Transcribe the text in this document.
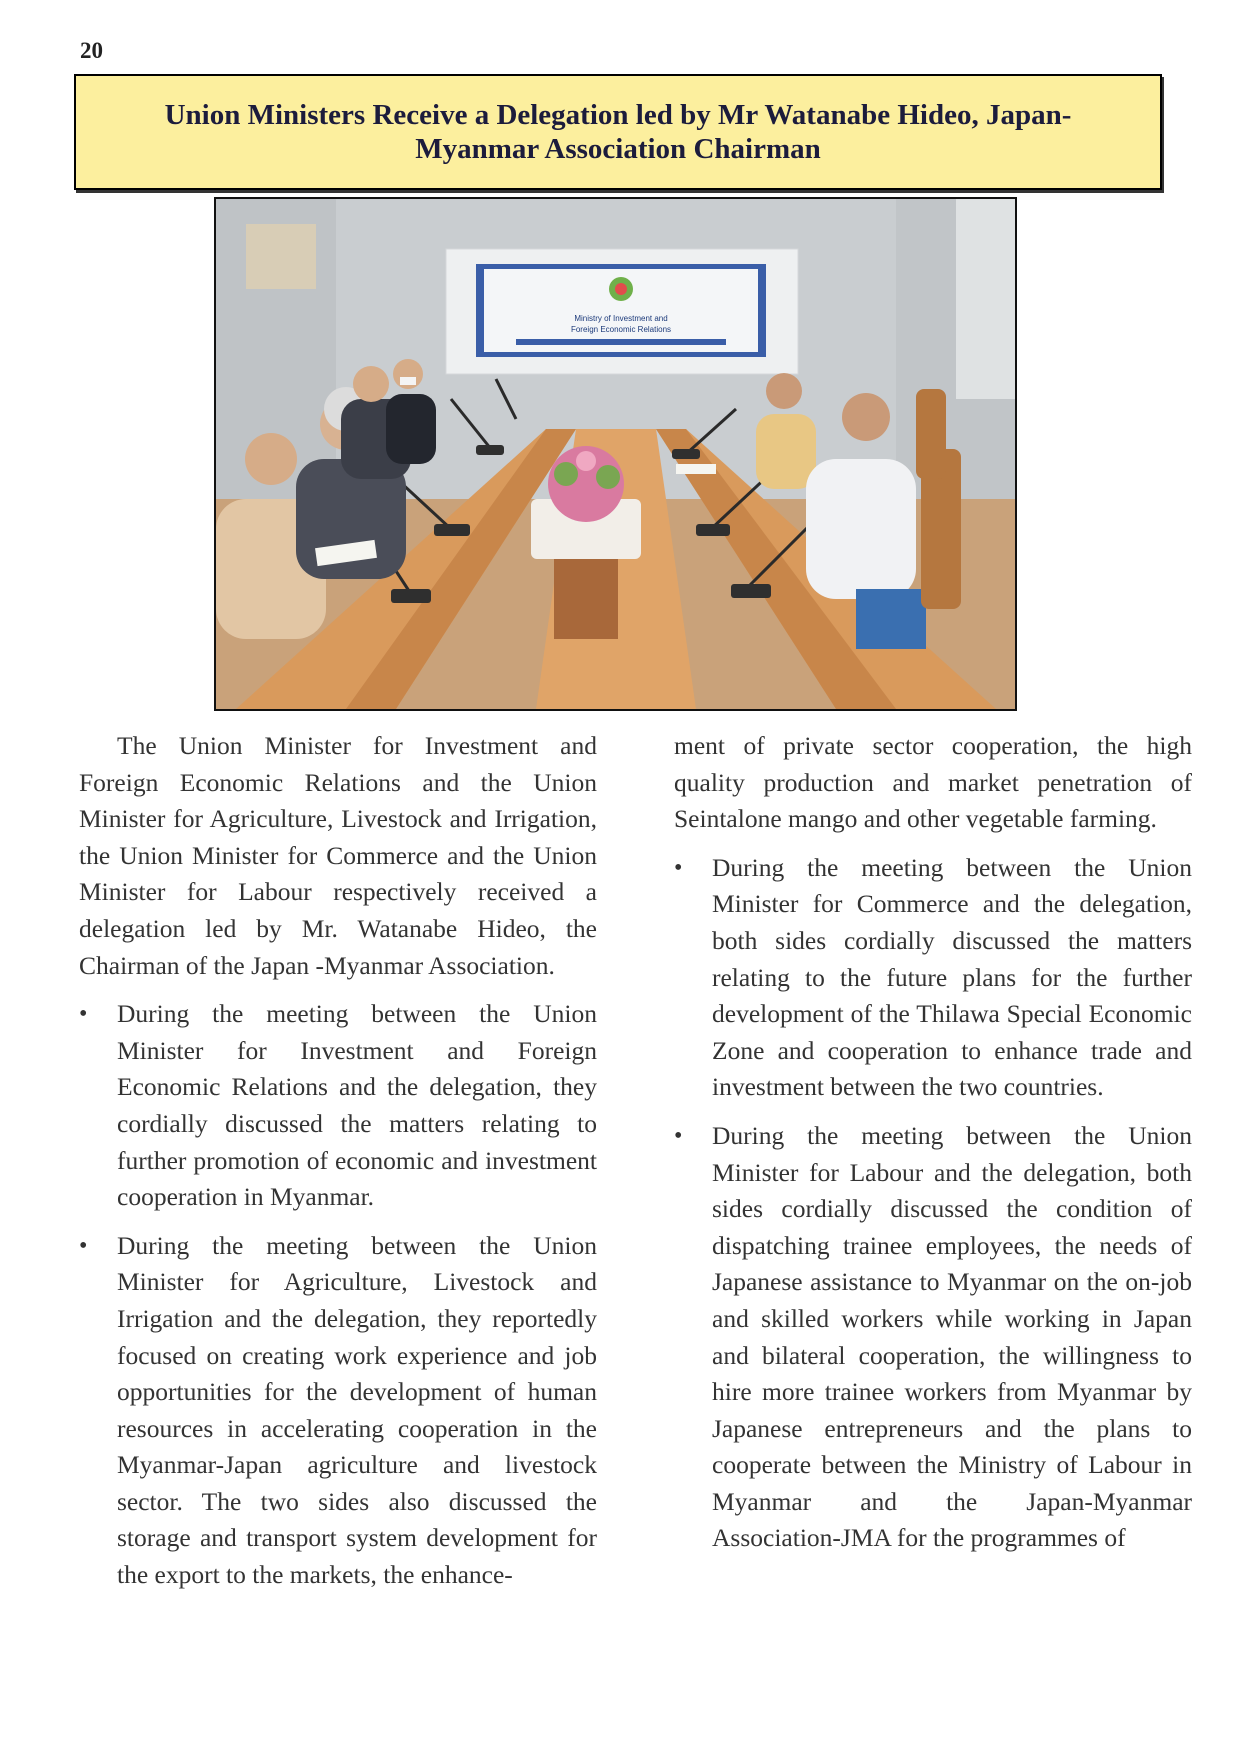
20
Union Ministers Receive a Delegation led by Mr Watanabe Hideo, Japan-Myanmar Association Chairman
Ministry of Investment and
Foreign Economic Relations

The Union Minister for Investment and Foreign Economic Relations and the Union Minister for Agriculture, Livestock and Irrigation, the Union Minister for Commerce and the Union Minister for Labour respectively received a delegation led by Mr. Watanabe Hideo, the Chairman of the Japan -Myanmar Association.

• During the meeting between the Union Minister for Investment and Foreign Economic Relations and the delegation, they cordially discussed the matters relating to further promotion of economic and investment cooperation in Myanmar.
• During the meeting between the Union Minister for Agriculture, Livestock and Irrigation and the delegation, they reportedly focused on creating work experience and job opportunities for the development of human resources in accelerating cooperation in the Myanmar-Japan agriculture and livestock sector. The two sides also discussed the storage and transport system development for the export to the markets, the enhance-

ment of private sector cooperation, the high quality production and market penetration of Seintalone mango and other vegetable farming.

• During the meeting between the Union Minister for Commerce and the delegation, both sides cordially discussed the matters relating to the future plans for the further development of the Thilawa Special Economic Zone and cooperation to enhance trade and investment between the two countries.
• During the meeting between the Union Minister for Labour and the delegation, both sides cordially discussed the condition of dispatching trainee employees, the needs of Japanese assistance to Myanmar on the on-job and skilled workers while working in Japan and bilateral cooperation, the willingness to hire more trainee workers from Myanmar by Japanese entrepreneurs and the plans to cooperate between the Ministry of Labour in Myanmar and the Japan-Myanmar Association-JMA for the programmes of
